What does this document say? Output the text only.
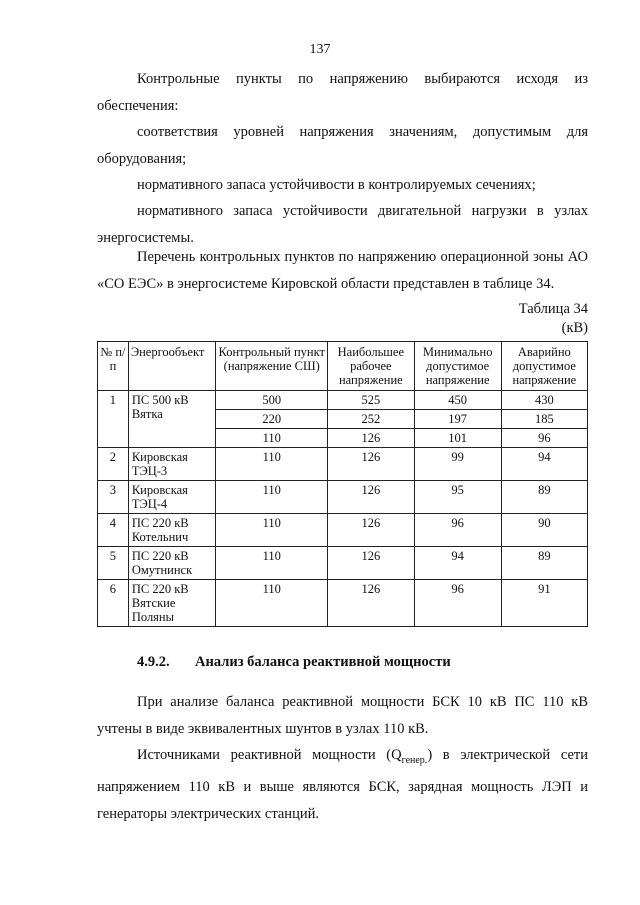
137
Контрольные пункты по напряжению выбираются исходя из обеспечения:
соответствия уровней напряжения значениям, допустимым для оборудования;
нормативного запаса устойчивости в контролируемых сечениях;
нормативного запаса устойчивости двигательной нагрузки в узлах энергосистемы.
Перечень контрольных пунктов по напряжению операционной зоны АО «СО ЕЭС» в энергосистеме Кировской области представлен в таблице 34.
Таблица 34
(кВ)
№ п/п	Энергообъект	Контрольный пункт (напряжение СШ)	Наибольшее рабочее напряжение	Минимально допустимое напряжение	Аварийно допустимое напряжение
1	ПС 500 кВ Вятка	500	525	450	430
		220	252	197	185
		110	126	101	96
2	Кировская ТЭЦ-3	110	126	99	94
3	Кировская ТЭЦ-4	110	126	95	89
4	ПС 220 кВ Котельнич	110	126	96	90
5	ПС 220 кВ Омутнинск	110	126	94	89
6	ПС 220 кВ Вятские Поляны	110	126	96	91
4.9.2. Анализ баланса реактивной мощности
При анализе баланса реактивной мощности БСК 10 кВ ПС 110 кВ учтены в виде эквивалентных шунтов в узлах 110 кВ.
Источниками реактивной мощности $(Q_{генер.})$ в электрической сети напряжением 110 кВ и выше являются БСК, зарядная мощность ЛЭП и генераторы электрических станций.
